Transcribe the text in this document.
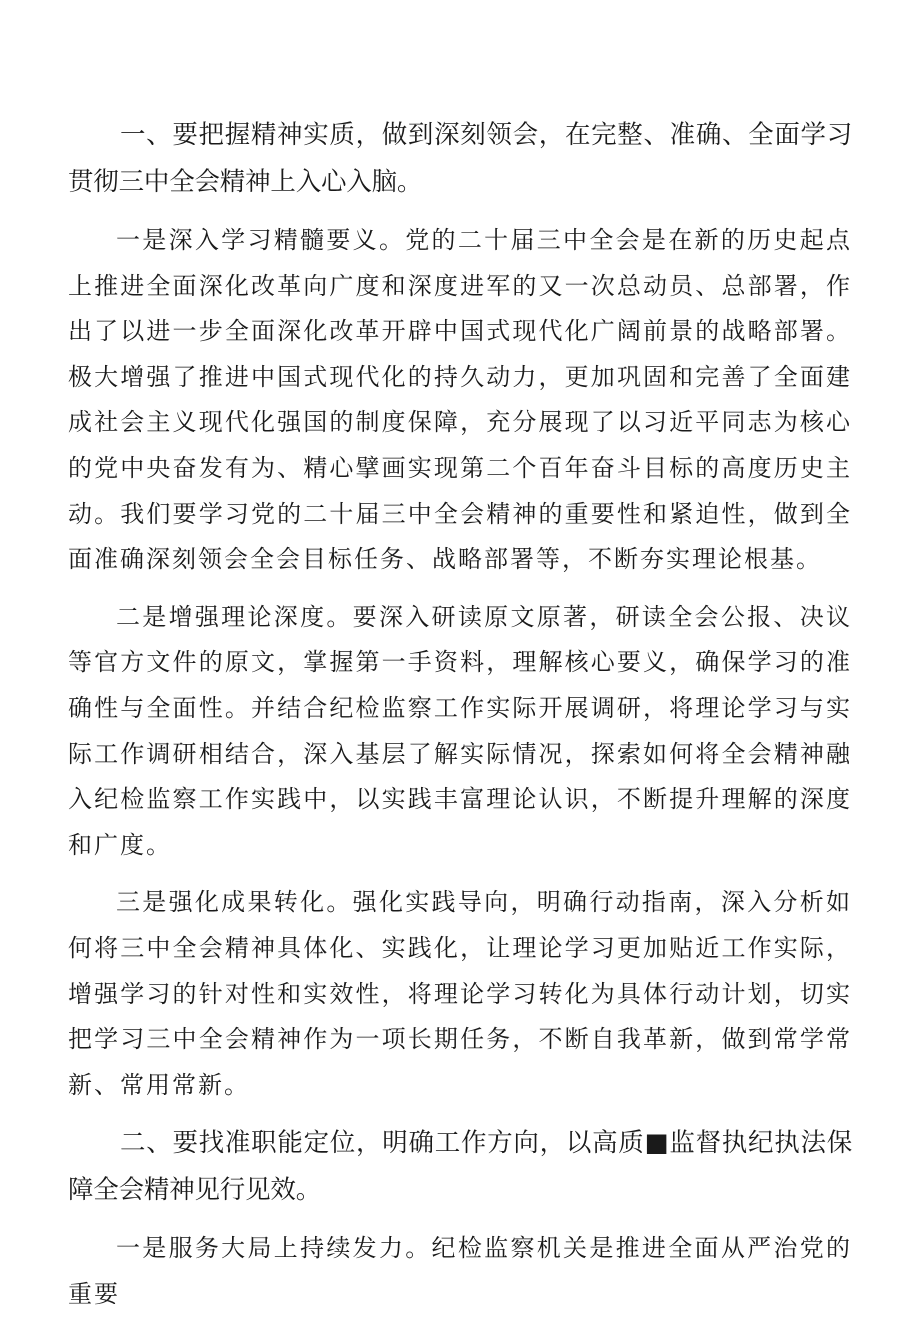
一、要把握精神实质，做到深刻领会，在完整、准确、全面学习贯彻三中全会精神上入心入脑。

一是深入学习精髓要义。党的二十届三中全会是在新的历史起点上推进全面深化改革向广度和深度进军的又一次总动员、总部署，作出了以进一步全面深化改革开辟中国式现代化广阔前景的战略部署。极大增强了推进中国式现代化的持久动力，更加巩固和完善了全面建成社会主义现代化强国的制度保障，充分展现了以习近平同志为核心的党中央奋发有为、精心擘画实现第二个百年奋斗目标的高度历史主动。我们要学习党的二十届三中全会精神的重要性和紧迫性，做到全面准确深刻领会全会目标任务、战略部署等，不断夯实理论根基。

二是增强理论深度。要深入研读原文原著，研读全会公报、决议等官方文件的原文，掌握第一手资料，理解核心要义，确保学习的准确性与全面性。并结合纪检监察工作实际开展调研，将理论学习与实际工作调研相结合，深入基层了解实际情况，探索如何将全会精神融入纪检监察工作实践中，以实践丰富理论认识，不断提升理解的深度和广度。

三是强化成果转化。强化实践导向，明确行动指南，深入分析如何将三中全会精神具体化、实践化，让理论学习更加贴近工作实际，增强学习的针对性和实效性，将理论学习转化为具体行动计划，切实把学习三中全会精神作为一项长期任务，不断自我革新，做到常学常新、常用常新。

二、要找准职能定位，明确工作方向，以高质■监督执纪执法保障全会精神见行见效。

一是服务大局上持续发力。纪检监察机关是推进全面从严治党的重要
